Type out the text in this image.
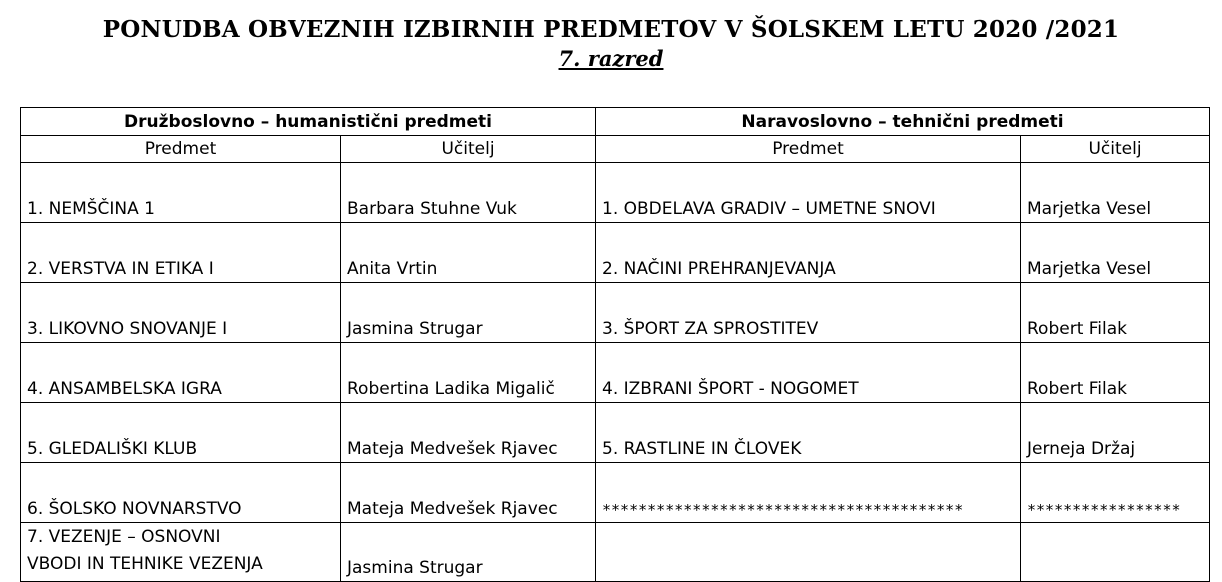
PONUDBA OBVEZNIH IZBIRNIH PREDMETOV V ŠOLSKEM LETU 2020 /2021
7. razred
Družboslovno – humanistični predmeti		Naravoslovno – tehnični predmeti	
Predmet	Učitelj	Predmet	Učitelj
1. NEMŠČINA 1	Barbara Stuhne Vuk	1. OBDELAVA GRADIV – UMETNE SNOVI	Marjetka Vesel
2. VERSTVA IN ETIKA I	Anita Vrtin	2. NAČINI PREHRANJEVANJA	Marjetka Vesel
3. LIKOVNO SNOVANJE I	Jasmina Strugar	3. ŠPORT ZA SPROSTITEV	Robert Filak
4. ANSAMBELSKA IGRA	Robertina Ladika Migalič	4. IZBRANI ŠPORT - NOGOMET	Robert Filak
5. GLEDALIŠKI KLUB	Mateja Medvešek Rjavec	5. RASTLINE IN ČLOVEK	Jerneja Držaj
6. ŠOLSKO NOVNARSTVO	Mateja Medvešek Rjavec	****************************************	*****************
7. VEZENJE – OSNOVNI
VBODI IN TEHNIKE VEZENJA	Jasmina Strugar		
